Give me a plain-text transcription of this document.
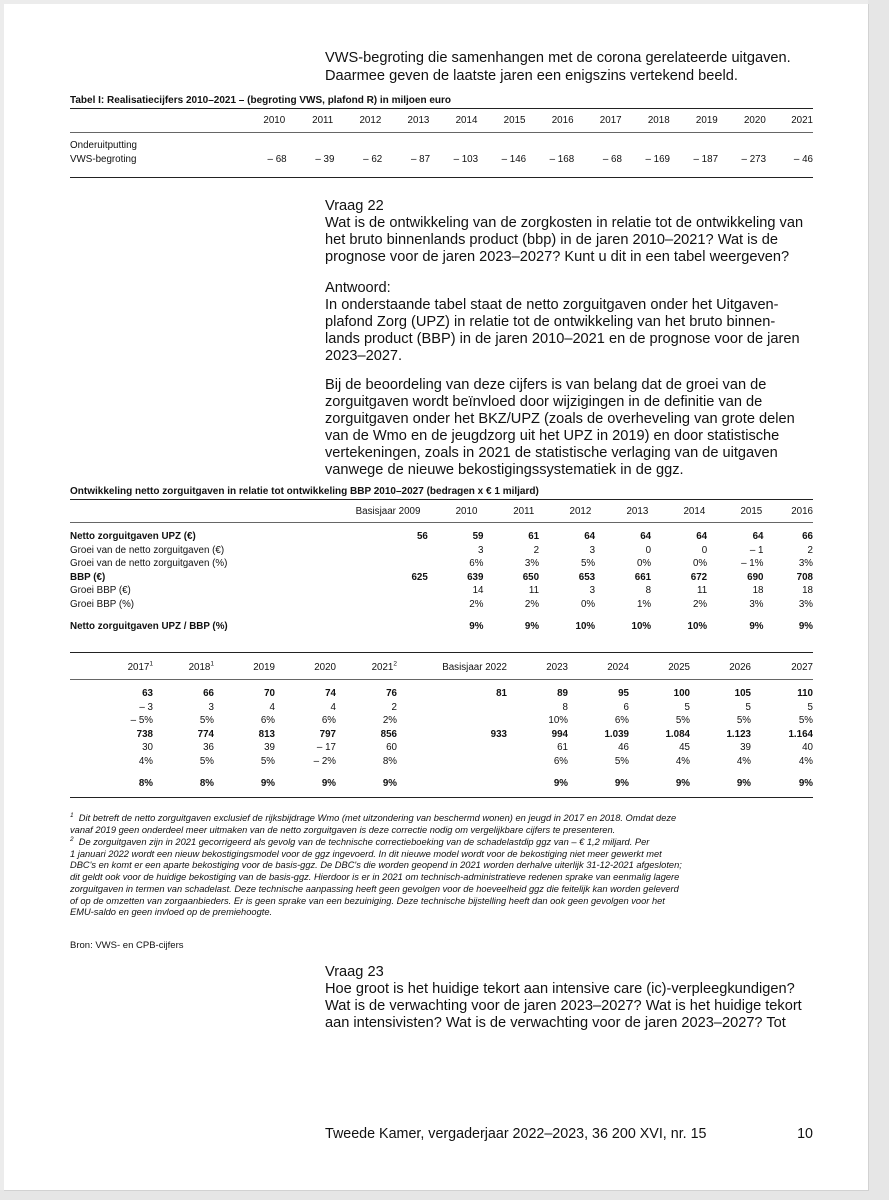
VWS-begroting die samenhangen met de corona gerelateerde uitgaven.

Daarmee geven de laatste jaren een enigszins vertekend beeld.

Tabel I: Realisatiecijfers 2010–2021 – (begroting VWS, plafond R) in miljoen euro

	2010	2011	2012	2013	2014	2015	2016	2017	2018	2019	2020	2021
Onderuitputting												
VWS-begroting	– 68	– 39	– 62	– 87	– 103	– 146	– 168	– 68	– 169	– 187	– 273	– 46

Vraag 22

Wat is de ontwikkeling van de zorgkosten in relatie tot de ontwikkeling van

het bruto binnenlands product (bbp) in de jaren 2010–2021? Wat is de

prognose voor de jaren 2023–2027? Kunt u dit in een tabel weergeven?

Antwoord:

In onderstaande tabel staat de netto zorguitgaven onder het Uitgaven-

plafond Zorg (UPZ) in relatie tot de ontwikkeling van het bruto binnen-

lands product (BBP) in de jaren 2010–2021 en de prognose voor de jaren

2023–2027.

Bij de beoordeling van deze cijfers is van belang dat de groei van de

zorguitgaven wordt beïnvloed door wijzigingen in de definitie van de

zorguitgaven onder het BKZ/UPZ (zoals de overheveling van grote delen

van de Wmo en de jeugdzorg uit het UPZ in 2019) en door statistische

vertekeningen, zoals in 2021 de statistische verlaging van de uitgaven

vanwege de nieuwe bekostigingssystematiek in de ggz.

Ontwikkeling netto zorguitgaven in relatie tot ontwikkeling BBP 2010–2027 (bedragen x € 1 miljard)

	Basisjaar 2009	2010	2011	2012	2013	2014	2015	2016
Netto zorguitgaven UPZ (€)	56	59	61	64	64	64	64	66
Groei van de netto zorguitgaven (€)		3	2	3	0	0	– 1	2
Groei van de netto zorguitgaven (%)		6%	3%	5%	0%	0%	– 1%	3%
BBP (€)	625	639	650	653	661	672	690	708
Groei BBP (€)		14	11	3	8	11	18	18
Groei BBP (%)		2%	2%	0%	1%	2%	3%	3%

Netto zorguitgaven UPZ / BBP (%)		9%	9%	10%	10%	10%	9%	9%
2017$^1$	2018$^1$	2019	2020	2021$^2$	Basisjaar 2022	2023	2024	2025	2026	2027
63	66	70	74	76	81	89	95	100	105	110
– 3	3	4	4	2		8	6	5	5	5
– 5%	5%	6%	6%	2%		10%	6%	5%	5%	5%
738	774	813	797	856	933	994	1.039	1.084	1.123	1.164
30	36	39	– 17	60		61	46	45	39	40
4%	5%	5%	– 2%	8%		6%	5%	4%	4%	4%

8%	8%	9%	9%	9%		9%	9%	9%	9%	9%
$^1$ Dit betreft de netto zorguitgaven exclusief de rijksbijdrage Wmo (met uitzondering van beschermd wonen) en jeugd in 2017 en 2018. Omdat deze
vanaf 2019 geen onderdeel meer uitmaken van de netto zorguitgaven is deze correctie nodig om vergelijkbare cijfers te presenteren.
$^2$ De zorguitgaven zijn in 2021 gecorrigeerd als gevolg van de technische correctieboeking van de schadelastdip ggz van – € 1,2 miljard. Per
1 januari 2022 wordt een nieuw bekostigingsmodel voor de ggz ingevoerd. In dit nieuwe model wordt voor de bekostiging niet meer gewerkt met
DBC's en komt er een aparte bekostiging voor de basis-ggz. De DBC's die worden geopend in 2021 worden derhalve uiterlijk 31-12-2021 afgesloten;
dit geldt ook voor de huidige bekostiging van de basis-ggz. Hierdoor is er in 2021 om technisch-administratieve redenen sprake van eenmalig lagere
zorguitgaven in termen van schadelast. Deze technische aanpassing heeft geen gevolgen voor de hoeveelheid ggz die feitelijk kan worden geleverd
of op de omzetten van zorgaanbieders. Er is geen sprake van een bezuiniging. Deze technische bijstelling heeft dan ook geen gevolgen voor het
EMU-saldo en geen invloed op de premiehoogte.

Bron: VWS- en CPB-cijfers

Vraag 23

Hoe groot is het huidige tekort aan intensive care (ic)-verpleegkundigen?

Wat is de verwachting voor de jaren 2023–2027? Wat is het huidige tekort

aan intensivisten? Wat is de verwachting voor de jaren 2023–2027? Tot

Tweede Kamer, vergaderjaar 2022–2023, 36 200 XVI, nr. 15	10
